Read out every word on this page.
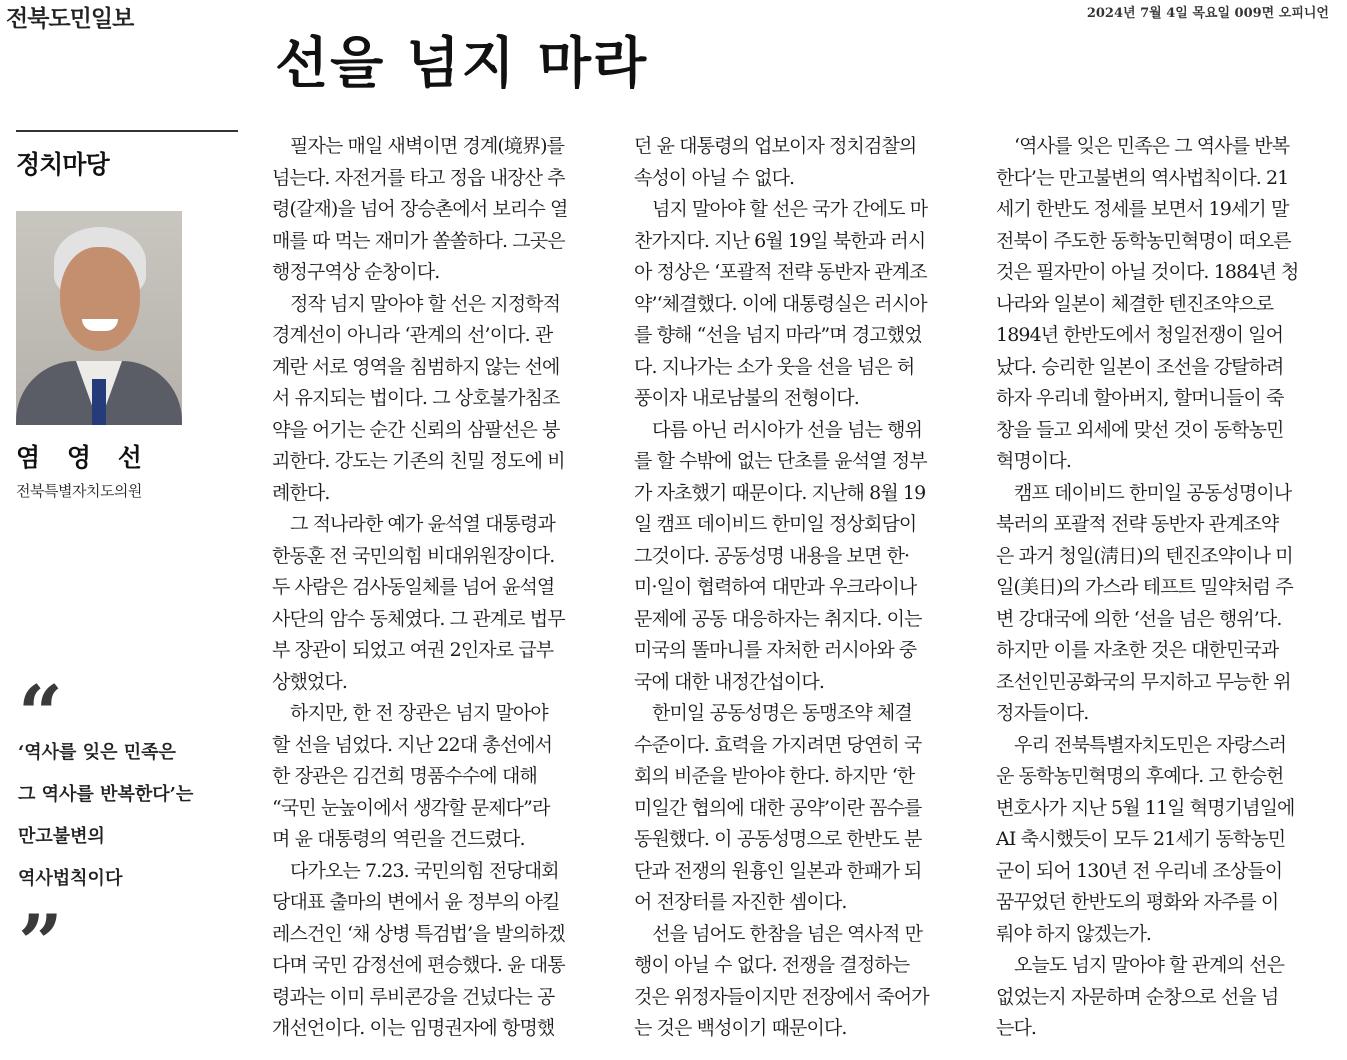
전북도민일보	2024년 7월 4일 목요일 009면 오피니언
선을 넘지 마라
정치마당
염 영 선
전북특별자치도의원
“
‘역사를 잊은 민족은
그 역사를 반복한다’는
만고불변의
역사법칙이다
”
필자는 매일 새벽이면 경계(境界)를
넘는다. 자전거를 타고 정읍 내장산 추
령(갈재)을 넘어 장승촌에서 보리수 열
매를 따 먹는 재미가 쏠쏠하다. 그곳은
행정구역상 순창이다.
정작 넘지 말아야 할 선은 지정학적
경계선이 아니라 ‘관계의 선’이다. 관
계란 서로 영역을 침범하지 않는 선에
서 유지되는 법이다. 그 상호불가침조
약을 어기는 순간 신뢰의 삼팔선은 붕
괴한다. 강도는 기존의 친밀 정도에 비
례한다.
그 적나라한 예가 윤석열 대통령과
한동훈 전 국민의힘 비대위원장이다.
두 사람은 검사동일체를 넘어 윤석열
사단의 암수 동체였다. 그 관계로 법무
부 장관이 되었고 여권 2인자로 급부
상했었다.
하지만, 한 전 장관은 넘지 말아야
할 선을 넘었다. 지난 22대 총선에서
한 장관은 김건희 명품수수에 대해
“국민 눈높이에서 생각할 문제다”라
며 윤 대통령의 역린을 건드렸다.
다가오는 7.23. 국민의힘 전당대회
당대표 출마의 변에서 윤 정부의 아킬
레스건인 ‘채 상병 특검법’을 발의하겠
다며 국민 감정선에 편승했다. 윤 대통
령과는 이미 루비콘강을 건넜다는 공
개선언이다. 이는 임명권자에 항명했
던 윤 대통령의 업보이자 정치검찰의
속성이 아닐 수 없다.
넘지 말아야 할 선은 국가 간에도 마
찬가지다. 지난 6월 19일 북한과 러시
아 정상은 ‘포괄적 전략 동반자 관계조
약’‘체결했다. 이에 대통령실은 러시아
를 향해 “선을 넘지 마라”며 경고했었
다. 지나가는 소가 웃을 선을 넘은 허
풍이자 내로남불의 전형이다.
다름 아닌 러시아가 선을 넘는 행위
를 할 수밖에 없는 단초를 윤석열 정부
가 자초했기 때문이다. 지난해 8월 19
일 캠프 데이비드 한미일 정상회담이
그것이다. 공동성명 내용을 보면 한·
미·일이 협력하여 대만과 우크라이나
문제에 공동 대응하자는 취지다. 이는
미국의 똘마니를 자처한 러시아와 중
국에 대한 내정간섭이다.
한미일 공동성명은 동맹조약 체결
수준이다. 효력을 가지려면 당연히 국
회의 비준을 받아야 한다. 하지만 ‘한
미일간 협의에 대한 공약’이란 꼼수를
동원했다. 이 공동성명으로 한반도 분
단과 전쟁의 원흉인 일본과 한패가 되
어 전장터를 자진한 셈이다.
선을 넘어도 한참을 넘은 역사적 만
행이 아닐 수 없다. 전쟁을 결정하는
것은 위정자들이지만 전장에서 죽어가
는 것은 백성이기 때문이다.
‘역사를 잊은 민족은 그 역사를 반복
한다’는 만고불변의 역사법칙이다. 21
세기 한반도 정세를 보면서 19세기 말
전북이 주도한 동학농민혁명이 떠오른
것은 필자만이 아닐 것이다. 1884년 청
나라와 일본이 체결한 텐진조약으로
1894년 한반도에서 청일전쟁이 일어
났다. 승리한 일본이 조선을 강탈하려
하자 우리네 할아버지, 할머니들이 죽
창을 들고 외세에 맞선 것이 동학농민
혁명이다.
캠프 데이비드 한미일 공동성명이나
북러의 포괄적 전략 동반자 관계조약
은 과거 청일(淸日)의 텐진조약이나 미
일(美日)의 가스라 테프트 밀약처럼 주
변 강대국에 의한 ‘선을 넘은 행위’다.
하지만 이를 자초한 것은 대한민국과
조선인민공화국의 무지하고 무능한 위
정자들이다.
우리 전북특별자치도민은 자랑스러
운 동학농민혁명의 후예다. 고 한승헌
변호사가 지난 5월 11일 혁명기념일에
AI 축시했듯이 모두 21세기 동학농민
군이 되어 130년 전 우리네 조상들이
꿈꾸었던 한반도의 평화와 자주를 이
뤄야 하지 않겠는가.
오늘도 넘지 말아야 할 관계의 선은
없었는지 자문하며 순창으로 선을 넘
는다.
